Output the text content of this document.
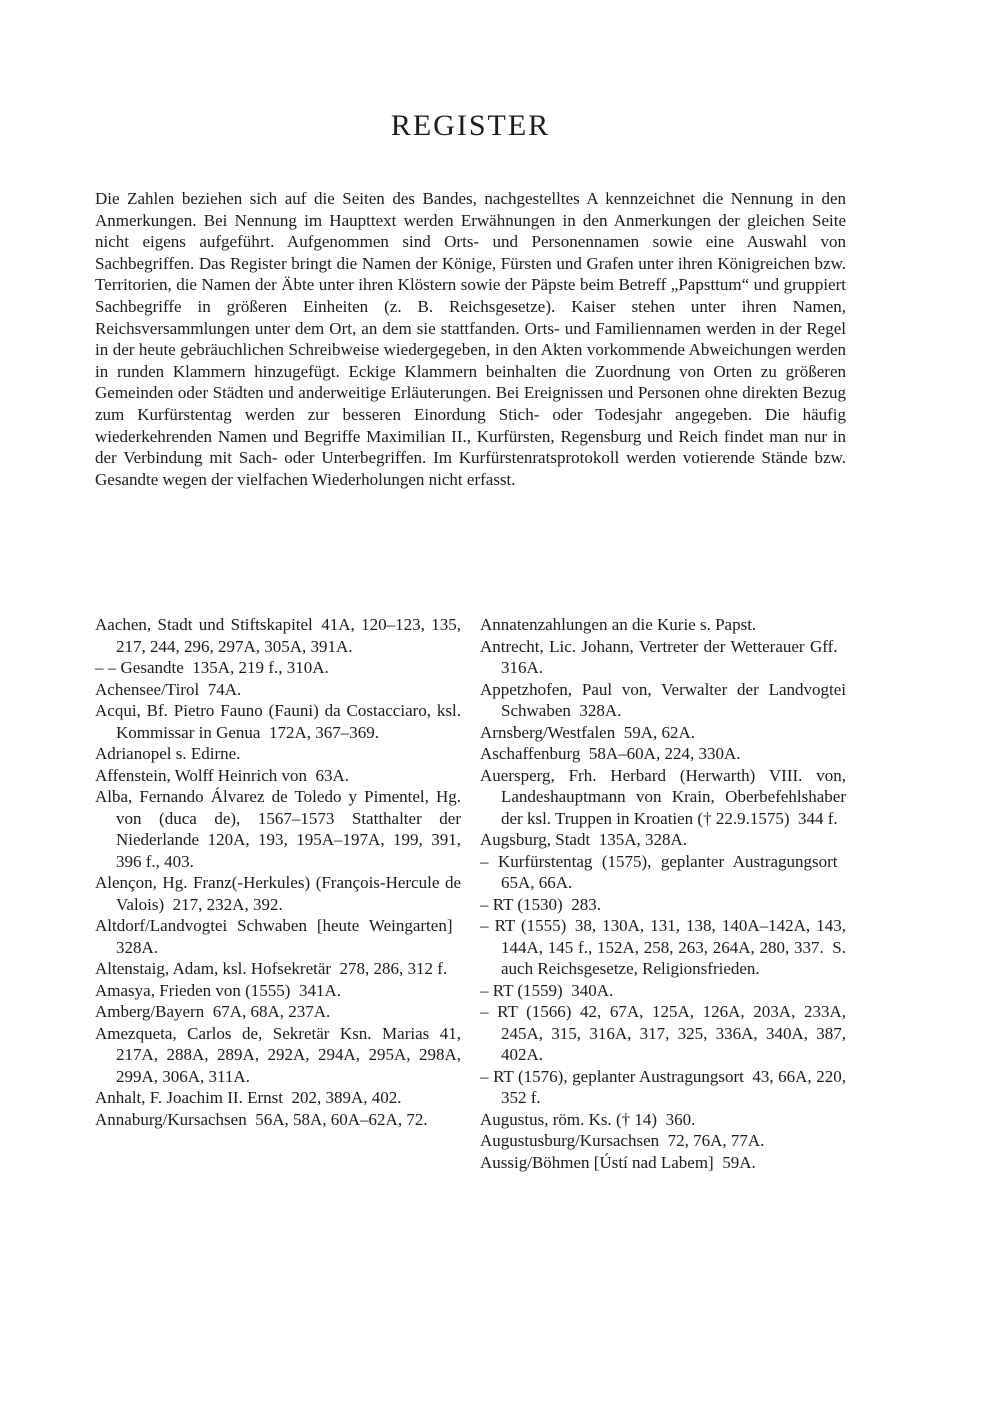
REGISTER

Die Zahlen beziehen sich auf die Seiten des Bandes, nachgestelltes A kennzeichnet die Nennung in den Anmerkungen. Bei Nennung im Haupttext werden Erwähnungen in den Anmerkungen der gleichen Seite nicht eigens aufgeführt. Aufgenommen sind Orts- und Personennamen sowie eine Auswahl von Sachbegriffen. Das Register bringt die Namen der Könige, Fürsten und Grafen unter ihren Königreichen bzw. Territorien, die Namen der Äbte unter ihren Klöstern sowie der Päpste beim Betreff „Papsttum“ und gruppiert Sachbegriffe in größeren Einheiten (z. B. Reichsgesetze). Kaiser stehen unter ihren Namen, Reichsversammlungen unter dem Ort, an dem sie stattfanden. Orts- und Familiennamen werden in der Regel in der heute gebräuchlichen Schreibweise wiedergegeben, in den Akten vorkommende Abweichungen werden in runden Klammern hinzugefügt. Eckige Klammern beinhalten die Zuordnung von Orten zu größeren Gemeinden oder Städten und anderweitige Erläuterungen. Bei Ereignissen und Personen ohne direkten Bezug zum Kurfürstentag werden zur besseren Einordung Stich- oder Todesjahr angegeben. Die häufig wiederkehrenden Namen und Begriffe Maximilian II., Kurfürsten, Regensburg und Reich findet man nur in der Verbindung mit Sach- oder Unterbegriffen. Im Kurfürstenratsprotokoll werden votierende Stände bzw. Gesandte wegen der vielfachen Wiederholungen nicht erfasst.

Aachen, Stadt und Stiftskapitel 41A, 120–123, 135, 217, 244, 296, 297A, 305A, 391A.

– – Gesandte 135A, 219 f., 310A.

Achensee/Tirol 74A.

Acqui, Bf. Pietro Fauno (Fauni) da Costacciaro, ksl. Kommissar in Genua 172A, 367–369.

Adrianopel s. Edirne.

Affenstein, Wolff Heinrich von 63A.

Alba, Fernando Álvarez de Toledo y Pimentel, Hg. von (duca de), 1567–1573 Statthalter der Niederlande 120A, 193, 195A–197A, 199, 391, 396 f., 403.

Alençon, Hg. Franz(-Herkules) (François-Hercule de Valois) 217, 232A, 392.

Altdorf/Landvogtei Schwaben [heute Weingarten] 328A.

Altenstaig, Adam, ksl. Hofsekretär 278, 286, 312 f.

Amasya, Frieden von (1555) 341A.

Amberg/Bayern 67A, 68A, 237A.

Amezqueta, Carlos de, Sekretär Ksn. Marias 41, 217A, 288A, 289A, 292A, 294A, 295A, 298A, 299A, 306A, 311A.

Anhalt, F. Joachim II. Ernst 202, 389A, 402.

Annaburg/Kursachsen 56A, 58A, 60A–62A, 72.

Annatenzahlungen an die Kurie s. Papst.

Antrecht, Lic. Johann, Vertreter der Wetterauer Gff. 316A.

Appetzhofen, Paul von, Verwalter der Landvogtei Schwaben 328A.

Arnsberg/Westfalen 59A, 62A.

Aschaffenburg 58A–60A, 224, 330A.

Auersperg, Frh. Herbard (Herwarth) VIII. von, Landeshauptmann von Krain, Oberbefehlshaber der ksl. Truppen in Kroatien († 22.9.1575) 344 f.

Augsburg, Stadt 135A, 328A.

– Kurfürstentag (1575), geplanter Austragungsort 65A, 66A.

– RT (1530) 283.

– RT (1555) 38, 130A, 131, 138, 140A–142A, 143, 144A, 145 f., 152A, 258, 263, 264A, 280, 337. S. auch Reichsgesetze, Religionsfrieden.

– RT (1559) 340A.

– RT (1566) 42, 67A, 125A, 126A, 203A, 233A, 245A, 315, 316A, 317, 325, 336A, 340A, 387, 402A.

– RT (1576), geplanter Austragungsort 43, 66A, 220, 352 f.

Augustus, röm. Ks. († 14) 360.

Augustusburg/Kursachsen 72, 76A, 77A.

Aussig/Böhmen [Ústí nad Labem] 59A.
